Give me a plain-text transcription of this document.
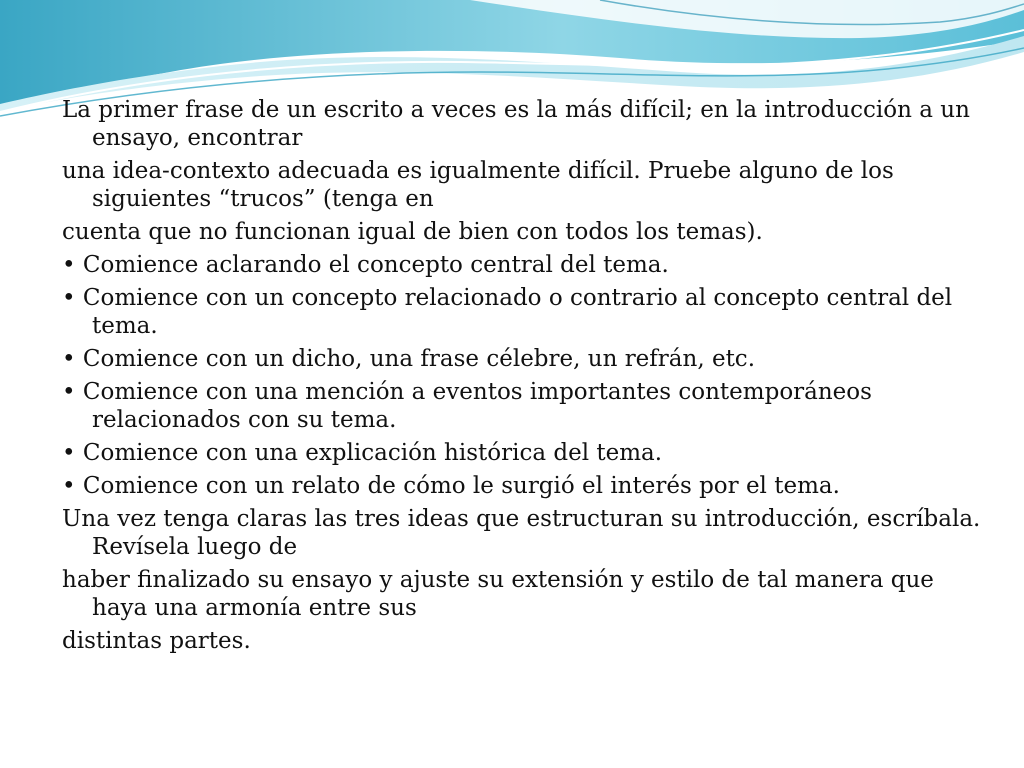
La primer frase de un escrito a veces es la más difícil; en la introducción a un ensayo, encontrar
una idea-contexto adecuada es igualmente difícil. Pruebe alguno de los siguientes “trucos” (tenga en
cuenta que no funcionan igual de bien con todos los temas).
• Comience aclarando el concepto central del tema.
• Comience con un concepto relacionado o contrario al concepto central del tema.
• Comience con un dicho, una frase célebre, un refrán, etc.
• Comience con una mención a eventos importantes contemporáneos relacionados con su tema.
• Comience con una explicación histórica del tema.
• Comience con un relato de cómo le surgió el interés por el tema.
Una vez tenga claras las tres ideas que estructuran su introducción, escríbala. Revísela luego de
haber finalizado su ensayo y ajuste su extensión y estilo de tal manera que haya una armonía entre sus
distintas partes.
